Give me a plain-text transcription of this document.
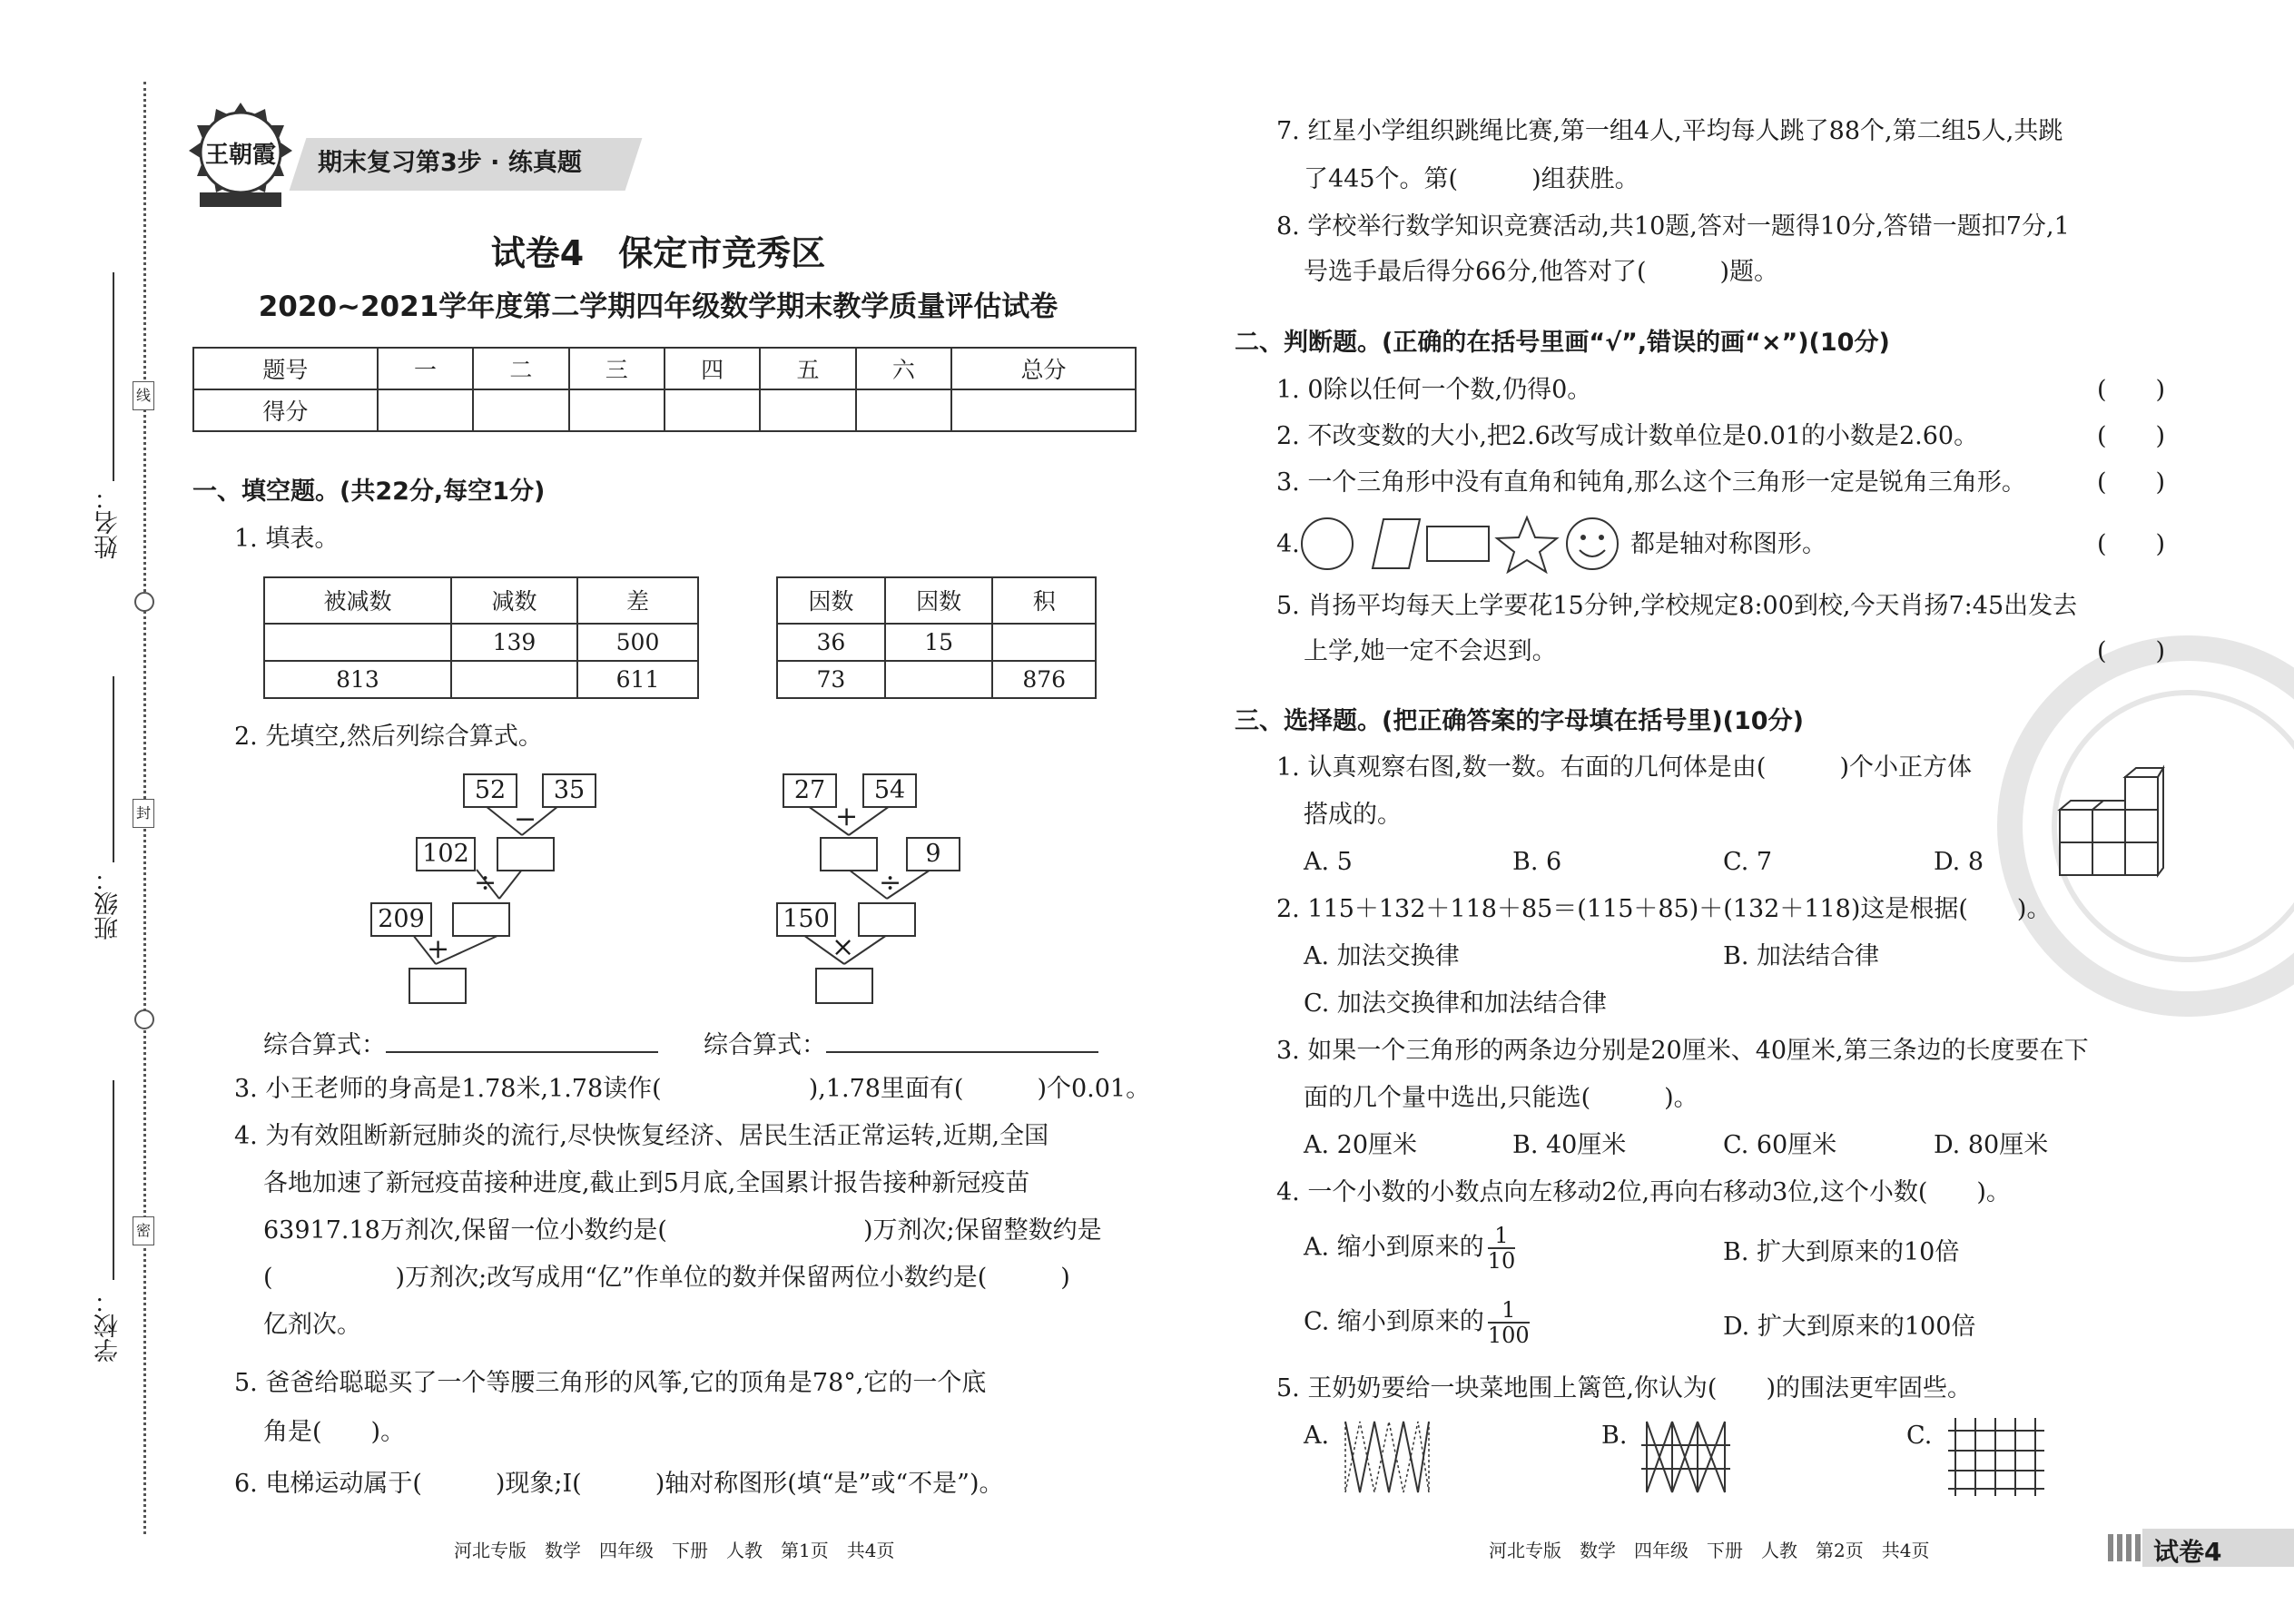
姓名：
班级：
学校：
线
封
密
王朝霞 期末复习第3步 · 练真题
试卷4　保定市竞秀区
2020~2021学年度第二学期四年级数学期末教学质量评估试卷
题号	一	二	三	四	五	六	总分
得分							
一、填空题。(共22分,每空1分)
1. 填表。
被减数	减数	差
	139	500
813		611
因数	因数	积
36	15	
73		876
2. 先填空,然后列综合算式。
52	35
−
102
÷
209
+
27	54
+
9
÷
150
×
综合算式：	综合算式：
3. 小王老师的身高是1.78米,1.78读作(　　　　　　),1.78里面有(　　　)个0.01。
4. 为有效阻断新冠肺炎的流行,尽快恢复经济、居民生活正常运转,近期,全国
各地加速了新冠疫苗接种进度,截止到5月底,全国累计报告接种新冠疫苗
63917.18万剂次,保留一位小数约是(　　　　　　　　)万剂次;保留整数约是
(　　　　　)万剂次;改写成用“亿”作单位的数并保留两位小数约是(　　　)
亿剂次。
5. 爸爸给聪聪买了一个等腰三角形的风筝,它的顶角是78°,它的一个底
角是(　　)。
6. 电梯运动属于(　　　)现象;I(　　　)轴对称图形(填“是”或“不是”)。
河北专版　数学　四年级　下册　人教　第1页　共4页
7. 红星小学组织跳绳比赛,第一组4人,平均每人跳了88个,第二组5人,共跳
了445个。第(　　　)组获胜。
8. 学校举行数学知识竞赛活动,共10题,答对一题得10分,答错一题扣7分,1
号选手最后得分66分,他答对了(　　　)题。
二、判断题。(正确的在括号里画“√”,错误的画“×”)(10分)
1. 0除以任何一个数,仍得0。	(　　)
2. 不改变数的大小,把2.6改写成计数单位是0.01的小数是2.60。	(　　)
3. 一个三角形中没有直角和钝角,那么这个三角形一定是锐角三角形。	(　　)
4.	都是轴对称图形。	(　　)
5. 肖扬平均每天上学要花15分钟,学校规定8:00到校,今天肖扬7:45出发去
上学,她一定不会迟到。	(　　)
三、选择题。(把正确答案的字母填在括号里)(10分)
1. 认真观察右图,数一数。右面的几何体是由(　　　)个小正方体
搭成的。
A. 5	B. 6	C. 7	D. 8
2. 115＋132＋118＋85＝(115＋85)＋(132＋118)这是根据(　　)。
A. 加法交换律	B. 加法结合律
C. 加法交换律和加法结合律
3. 如果一个三角形的两条边分别是20厘米、40厘米,第三条边的长度要在下
面的几个量中选出,只能选(　　　)。
A. 20厘米	B. 40厘米	C. 60厘米	D. 80厘米
4. 一个小数的小数点向左移动2位,再向右移动3位,这个小数(　　)。
A. 缩小到原来的 $\frac{1}{10}$	B. 扩大到原来的10倍
C. 缩小到原来的 $\frac{1}{100}$	D. 扩大到原来的100倍
5. 王奶奶要给一块菜地围上篱笆,你认为(　　)的围法更牢固些。
A.	B.	C.
河北专版　数学　四年级　下册　人教　第2页　共4页	试卷4
